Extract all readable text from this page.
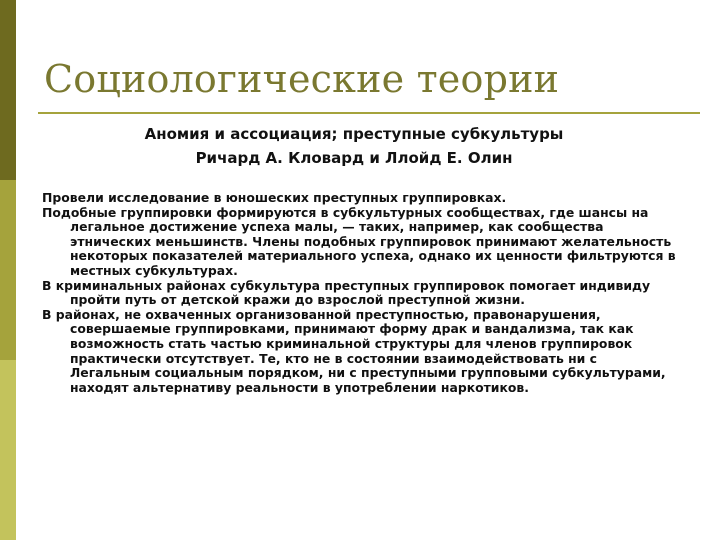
Социологические теории
Аномия и ассоциация; преступные субкультуры
Ричард А. Кловард и Ллойд Е. Олин

Провели исследование в юношеских преступных группировках.

Подобные группировки формируются в субкультурных сообществах, где шансы на легальное достижение успеха малы, — таких, например, как сообщества этнических меньшинств. Члены подобных группировок принимают желательность некоторых показателей материального успеха, однако их ценности фильтруются в местных субкультурах.

В криминальных районах субкультура преступных группировок помогает индивиду пройти путь от детской кражи до взрослой преступной жизни.

В районах, не охваченных организованной преступностью, правонарушения, совершаемые группировками, принимают форму драк и вандализма, так как возможность стать частью криминальной структуры для членов группировок практически отсутствует. Те, кто не в состоянии взаимодействовать ни с Легальным социальным порядком, ни с преступными групповыми субкультурами, находят альтернативу реальности в употреблении наркотиков.
